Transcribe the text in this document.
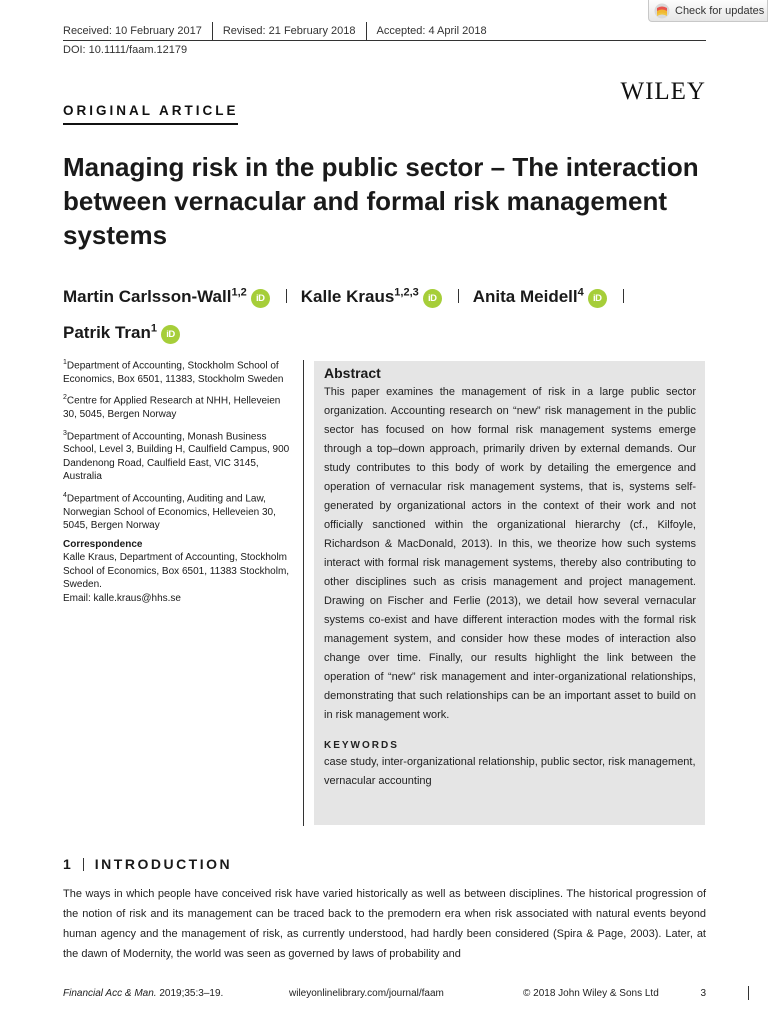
Check for updates
Received: 10 February 2017	Revised: 21 February 2018	Accepted: 4 April 2018
DOI: 10.1111/faam.12179
WILEY
ORIGINAL ARTICLE
Managing risk in the public sector – The interaction between vernacular and formal risk management systems
Martin Carlsson-Wall$^{1,2}$iD Kalle Kraus$^{1,2,3}$iD Anita Meidell$^4$iD
Patrik Tran$^1$iD

$^1$Department of Accounting, Stockholm School of Economics, Box 6501, 11383, Stockholm Sweden

$^2$Centre for Applied Research at NHH, Helleveien 30, 5045, Bergen Norway

$^3$Department of Accounting, Monash Business School, Level 3, Building H, Caulfield Campus, 900 Dandenong Road, Caulfield East, VIC 3145, Australia

$^4$Department of Accounting, Auditing and Law, Norwegian School of Economics, Helleveien 30, 5045, Bergen Norway

Correspondence

Kalle Kraus, Department of Accounting, Stockholm School of Economics, Box 6501, 11383 Stockholm, Sweden.

Email: kalle.kraus@hhs.se

Abstract

This paper examines the management of risk in a large public sector organization. Accounting research on “new” risk management in the public sector has focused on how formal risk management systems emerge through a top–down approach, primarily driven by external demands. Our study contributes to this body of work by detailing the emergence and operation of vernacular risk management systems, that is, systems self-generated by organizational actors in the context of their work and not officially sanctioned within the organizational hierarchy (cf., Kilfoyle, Richardson & MacDonald, 2013). In this, we theorize how such systems interact with formal risk management systems, thereby also contributing to other disciplines such as crisis management and project management. Drawing on Fischer and Ferlie (2013), we detail how several vernacular systems co-exist and have different interaction modes with the formal risk management system, and consider how these modes of interaction also change over time. Finally, our results highlight the link between the operation of “new” risk management and inter-organizational relationships, demonstrating that such relationships can be an important asset to build on in risk management work.

KEYWORDS

case study, inter-organizational relationship, public sector, risk management, vernacular accounting

1 INTRODUCTION

The ways in which people have conceived risk have varied historically as well as between disciplines. The historical progression of the notion of risk and its management can be traced back to the premodern era when risk associated with natural events beyond human agency and the management of risk, as currently understood, had hardly been considered (Spira & Page, 2003). Later, at the dawn of Modernity, the world was seen as governed by laws of probability and

Financial Acc & Man. 2019;35:3–19.	wileyonlinelibrary.com/journal/faam	© 2018 John Wiley & Sons Ltd	3
